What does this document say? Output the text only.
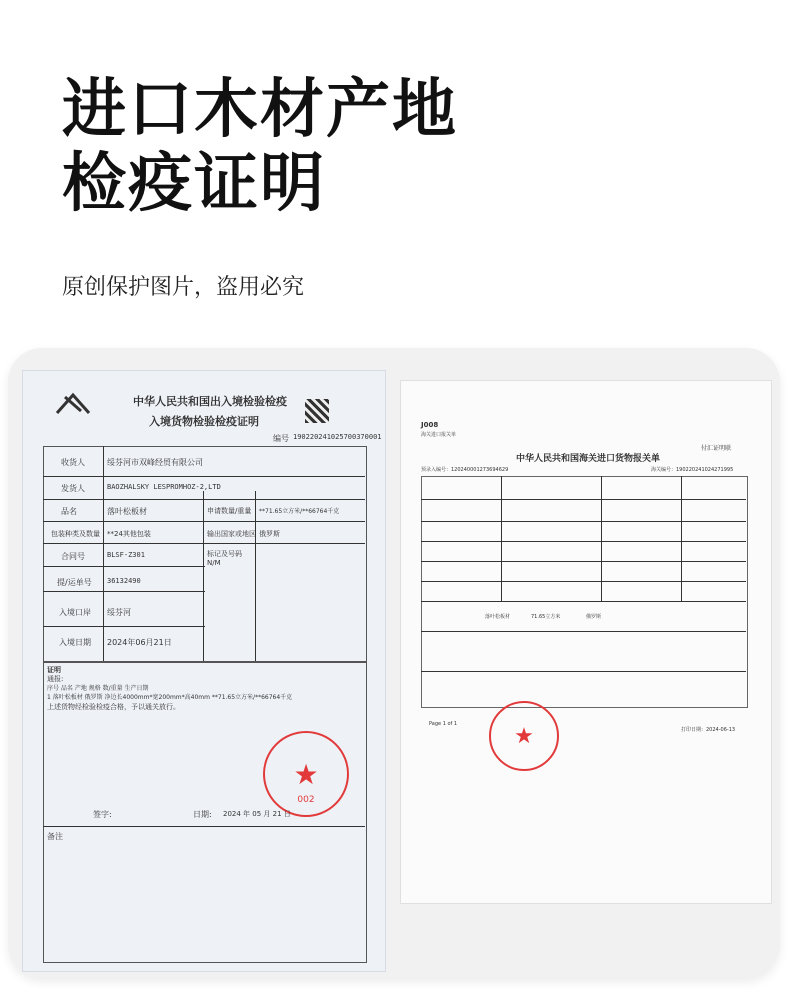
进口木材产地
检疫证明
原创保护图片，盗用必究
中华人民共和国出入境检验检疫
入境货物检验检疫证明
编号 190220241025700370001
收货人	绥芬河市双峰经贸有限公司
发货人	BAOZHALSKY LESPROMHOZ-2,LTD
品名	落叶松板材	申请数量/重量 **71.65立方米/**66764千克
包装种类及数量 **24其他包装	输出国家或地区 俄罗斯
合同号	BLSF-Z301	标记及号码
N/M
提/运单号 36132490
入境口岸 绥芬河
入境日期 2024年06月21日
证明
通报:
序号 品名 产地 规格 数/重量 生产日期
1 落叶松板材 俄罗斯 净边长4000mm*宽200mm*高40mm **71.65立方米/**66764千克
上述货物经检验检疫合格，予以通关放行。
★
002
签字:	日期: 2024 年 05 月 21 日
备注
J008
海关进口报关单
中华人民共和国海关进口货物报关单
付汇证明联
预录入编号：120240001273694629	海关编号：190220241024271995
落叶松板材	71.65立方米	俄罗斯
Page 1 of 1
打印日期：2024-06-13
★
